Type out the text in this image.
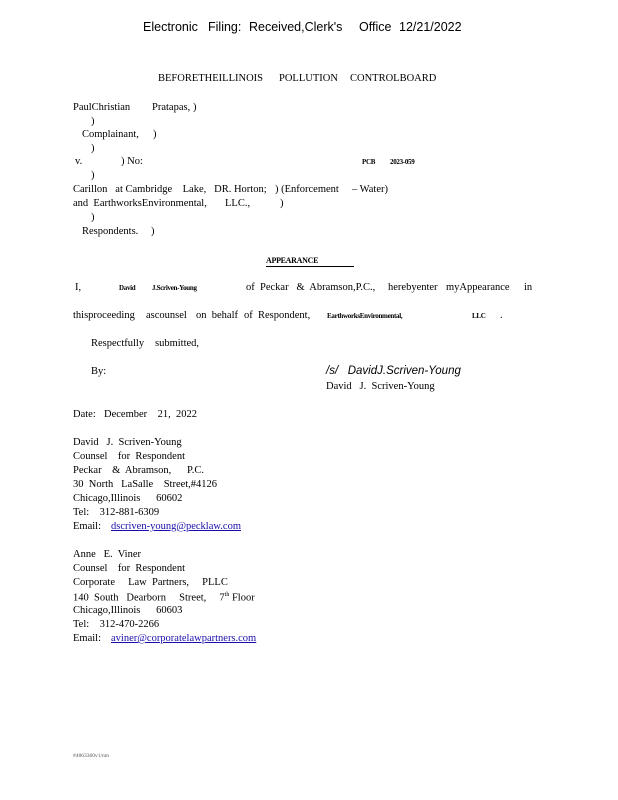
Electronic Filing: Received,Clerk's Office 12/21/2022
BEFORETHEILLINOIS POLLUTION CONTROLBOARD
PaulChristian Pratapas, )
)
Complainant, )
)
v.	) No:	PCB 2023-059
)
Carillon   at Cambridge    Lake,   DR. Horton; ) (Enforcement – Water)
and  EarthworksEnvironmental, LLC.,	)
)
Respondents. )
APPEARANCE
I,	David J.Scriven-Young	of  Peckar   &  Abramson,P.C., herebyenter myAppearance in
thisproceeding ascounsel on  behalf of  Respondent, EarthworksEnvironmental,	LLC .
Respectfully submitted,
By:	/s/   DavidJ.Scriven-Young
David   J.  Scriven-Young
Date: December    21,  2022
David   J.  Scriven-Young
Counsel    for  Respondent
Peckar    &  Abramson,      P.C.
30  North   LaSalle    Street,#4126
Chicago,Illinois      60602
Tel:    312-881-6309
Email: dscriven-young@pecklaw.com
Anne   E.  Viner
Counsel    for  Respondent
Corporate     Law  Partners,     PLLC
140  South   Dearborn     Street,     7th Floor
Chicago,Illinois      60603
Tel:    312-470-2266
Email: aviner@corporatelawpartners.com
#4863360v1/nm
